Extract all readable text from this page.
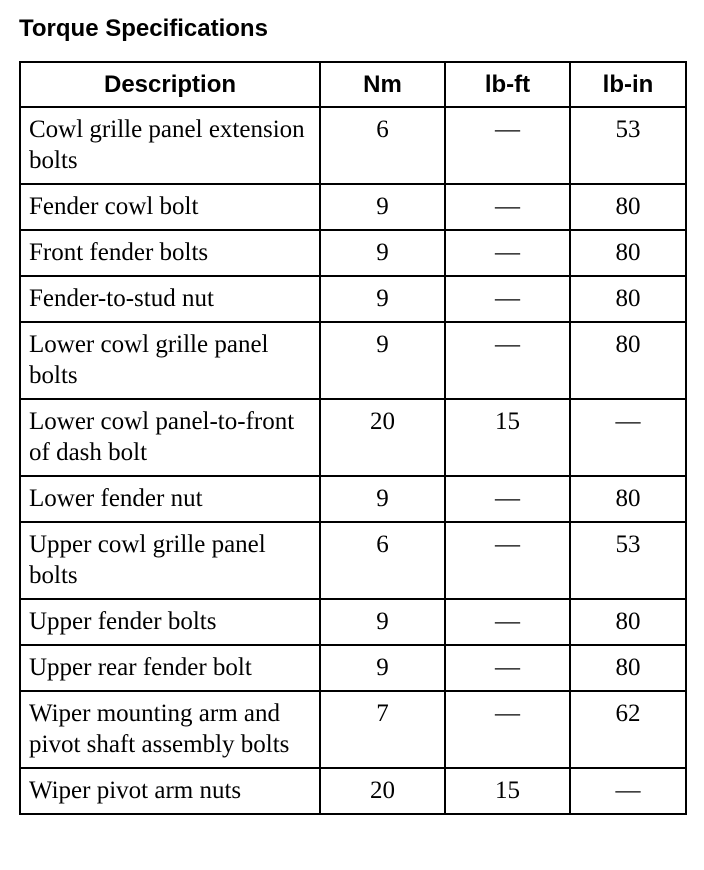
Torque Specifications
Description	Nm	lb-ft	lb-in
Cowl grille panel extension bolts	6	—	53
Fender cowl bolt	9	—	80
Front fender bolts	9	—	80
Fender-to-stud nut	9	—	80
Lower cowl grille panel bolts	9	—	80
Lower cowl panel-to-front of dash bolt	20	15	—
Lower fender nut	9	—	80
Upper cowl grille panel bolts	6	—	53
Upper fender bolts	9	—	80
Upper rear fender bolt	9	—	80
Wiper mounting arm and pivot shaft assembly bolts	7	—	62
Wiper pivot arm nuts	20	15	—
